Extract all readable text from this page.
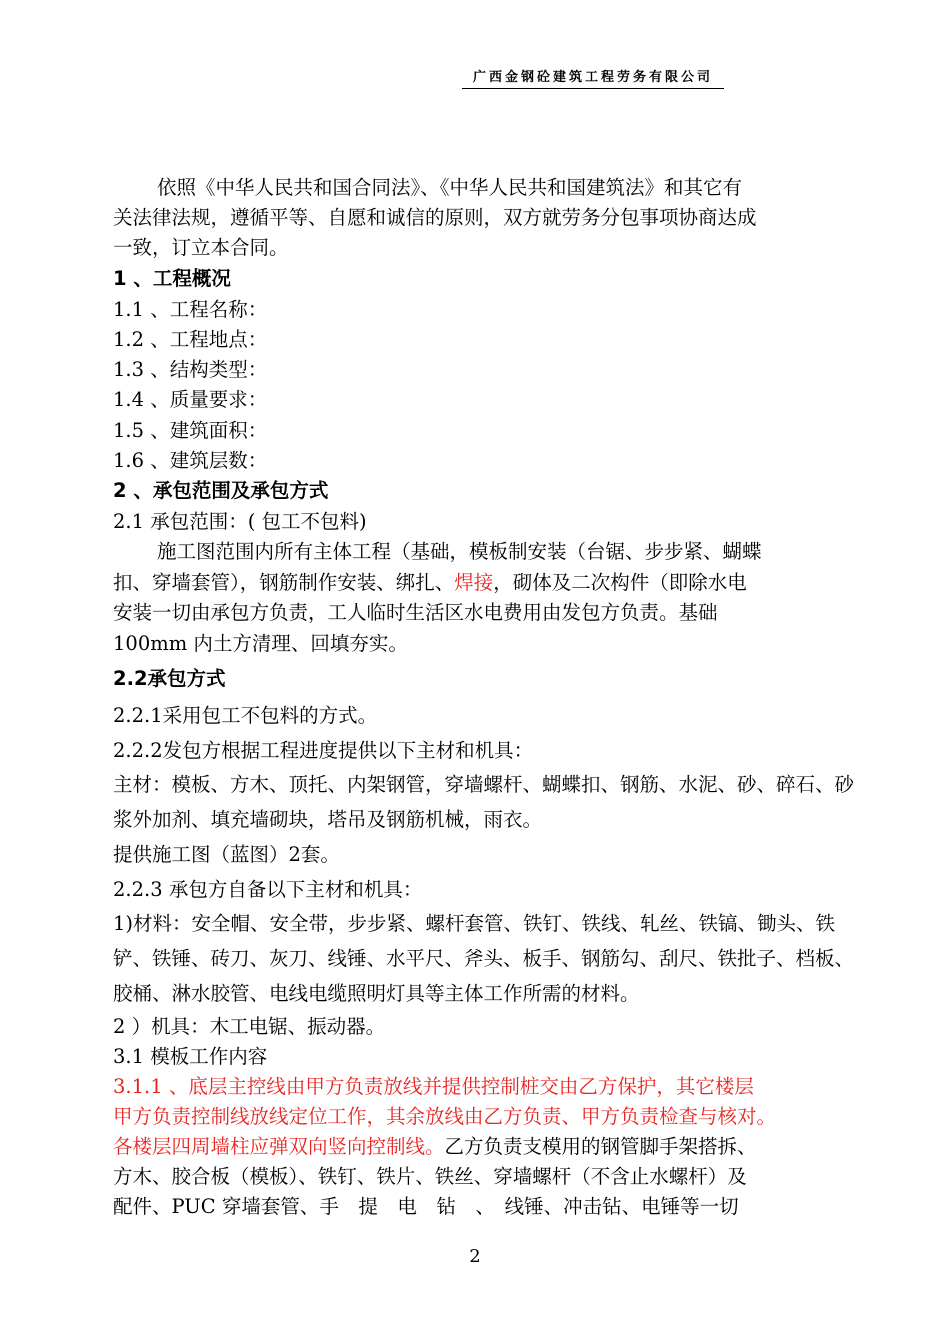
广西金钢砼建筑工程劳务有限公司
依照《中华人民共和国合同法》、《中华人民共和国建筑法》和其它有
关法律法规，遵循平等、自愿和诚信的原则，双方就劳务分包事项协商达成
一致，订立本合同。
1 、工程概况
1.1 、工程名称：
1.2 、工程地点：
1.3 、结构类型：
1.4 、质量要求：
1.5 、建筑面积：
1.6 、建筑层数：
2 、承包范围及承包方式
2.1 承包范围：( 包工不包料)
施工图范围内所有主体工程（基础，模板制安装（台锯、步步紧、蝴蝶
扣、穿墙套管），钢筋制作安装、绑扎、焊接，砌体及二次构件（即除水电
安装一切由承包方负责，工人临时生活区水电费用由发包方负责。基础
100mm 内土方清理、回填夯实。
2.2承包方式
2.2.1采用包工不包料的方式。
2.2.2发包方根据工程进度提供以下主材和机具：
主材：模板、方木、顶托、内架钢管，穿墙螺杆、蝴蝶扣、钢筋、水泥、砂、碎石、砂
浆外加剂、填充墙砌块，塔吊及钢筋机械，雨衣。
提供施工图（蓝图）2套。
2.2.3 承包方自备以下主材和机具：
1)材料：安全帽、安全带，步步紧、螺杆套管、铁钉、铁线、轧丝、铁镐、锄头、铁
铲、铁锤、砖刀、灰刀、线锤、水平尺、斧头、板手、钢筋勾、刮尺、铁批子、档板、
胶桶、淋水胶管、电线电缆照明灯具等主体工作所需的材料。
2 ）机具：木工电锯、振动器。
3.1 模板工作内容
3.1.1 、底层主控线由甲方负责放线并提供控制桩交由乙方保护，其它楼层
甲方负责控制线放线定位工作，其余放线由乙方负责、甲方负责检查与核对。
各楼层四周墙柱应弹双向竖向控制线。乙方负责支模用的钢管脚手架搭拆、
方木、胶合板（模板）、铁钉、铁片、铁丝、穿墙螺杆（不含止水螺杆）及
配件、PUC 穿墙套管、手　提　电　钻　、　线锤、冲击钻、电锤等一切
2
